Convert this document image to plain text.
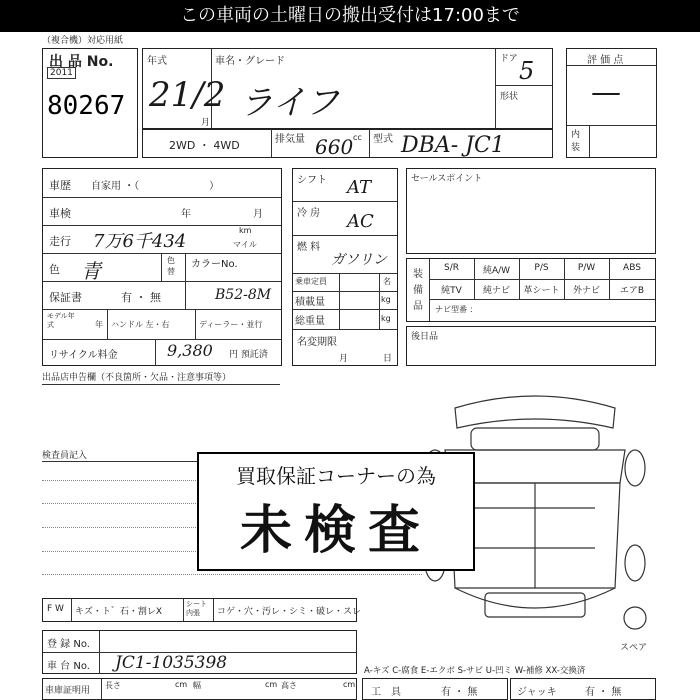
この車両の土曜日の搬出受付は17:00まで
（複合機）対応用紙
出 品 No.
2011
80267
年式
21/2
月
車名・グレード
ライフ
ドア 5
形状
評 価 点
—
内装
2WD ・ 4WD	排気量 660 cc 型式 DBA- JC1
車歴 自家用 ・（　　　　　　　）
車検	年	月
走行 7万6千434
km
マイル
色 青	色替
カラーNo.
B52-8M
保証書	有 ・ 無
モデル年式	年 ハンドル 左・右	ディーラー・並行
リサイクル料金	9,380 円 預託済
シフト AT
冷 房 AC
燃 料
ガソリン
乗車定員	名
積載量	kg
総重量	kg
名変期限
月	日
セールスポイント
装備品
S/R	純A/W	P/S	P/W	ABS
純TV	純ナビ	革シート	外ナビ	エアB
ナビ型番 ：
後日品
出品店申告欄（不良箇所・欠品・注意事項等）
検査員記入
スペア
買取保証コーナーの為
未検査
F W キズ・ト゛石・割レX
シート内張	コゲ・穴・汚レ・シミ・破レ・スレ
登 録 No.
車 台 No. JC1-1035398
車庫証明用
長さ	cm 幅	cm 高さ	cm
A-キズ C-腐食 E-エクボ S-サビ U-凹ミ W-補修 XX-交換済
工　具	有 ・ 無	ジャッキ	有 ・ 無
